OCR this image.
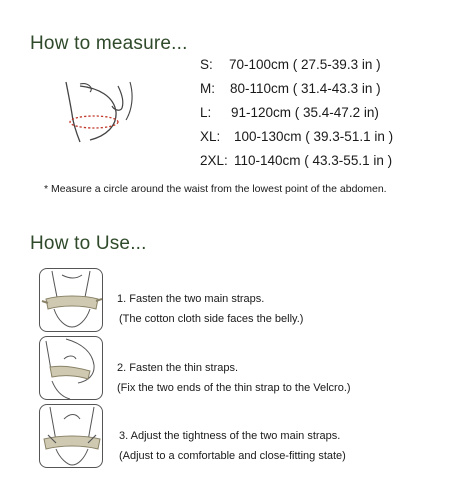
How to measure...
S: 70-100cm ( 27.5-39.3 in )
M: 80-110cm ( 31.4-43.3 in )
L: 91-120cm ( 35.4-47.2 in)
XL: 100-130cm ( 39.3-51.1 in )
2XL: 110-140cm ( 43.3-55.1 in )
* Measure a circle around the waist from the lowest point of the abdomen.
How to Use...
1. Fasten the two main straps.
(The cotton cloth side faces the belly.)
2. Fasten the thin straps.
(Fix the two ends of the thin strap to the Velcro.)
3. Adjust the tightness of the two main straps.
(Adjust to a comfortable and close-fitting state)
